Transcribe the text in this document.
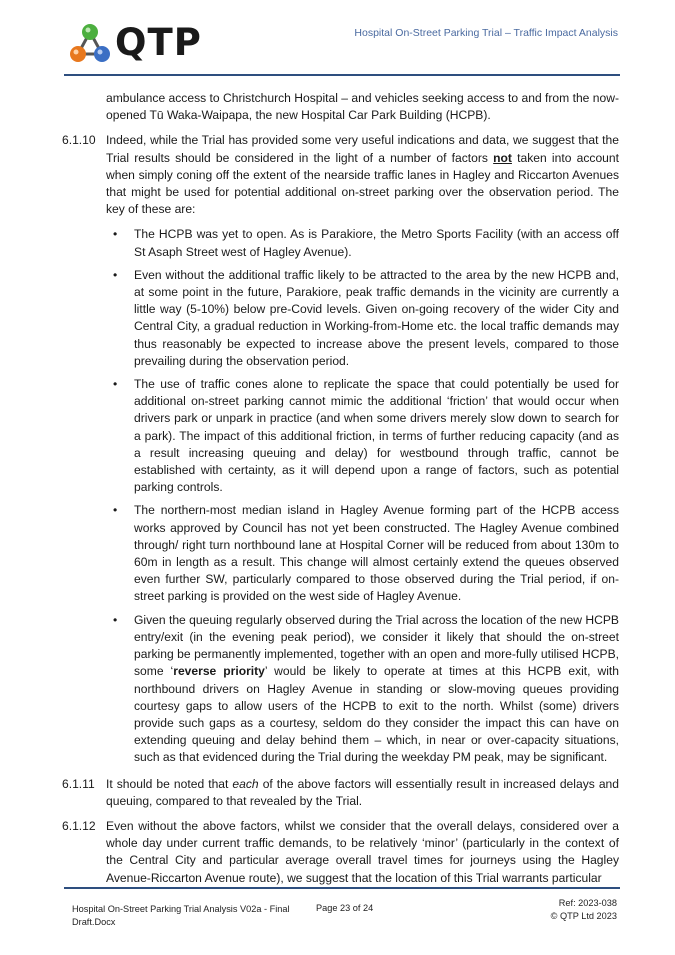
QTP	Hospital On-Street Parking Trial – Traffic Impact Analysis

ambulance access to Christchurch Hospital – and vehicles seeking access to and from the now-opened Tū Waka-Waipapa, the new Hospital Car Park Building (HCPB).

6.1.10 Indeed, while the Trial has provided some very useful indications and data, we suggest that the Trial results should be considered in the light of a number of factors not taken into account when simply coning off the extent of the nearside traffic lanes in Hagley and Riccarton Avenues that might be used for potential additional on-street parking over the observation period. The key of these are:

• The HCPB was yet to open. As is Parakiore, the Metro Sports Facility (with an access off St Asaph Street west of Hagley Avenue).
• Even without the additional traffic likely to be attracted to the area by the new HCPB and, at some point in the future, Parakiore, peak traffic demands in the vicinity are currently a little way (5-10%) below pre-Covid levels. Given on-going recovery of the wider City and Central City, a gradual reduction in Working-from-Home etc. the local traffic demands may thus reasonably be expected to increase above the present levels, compared to those prevailing during the observation period.
• The use of traffic cones alone to replicate the space that could potentially be used for additional on-street parking cannot mimic the additional ‘friction’ that would occur when drivers park or unpark in practice (and when some drivers merely slow down to search for a park). The impact of this additional friction, in terms of further reducing capacity (and as a result increasing queuing and delay) for westbound through traffic, cannot be established with certainty, as it will depend upon a range of factors, such as potential parking controls.
• The northern-most median island in Hagley Avenue forming part of the HCPB access works approved by Council has not yet been constructed. The Hagley Avenue combined through/ right turn northbound lane at Hospital Corner will be reduced from about 130m to 60m in length as a result. This change will almost certainly extend the queues observed even further SW, particularly compared to those observed during the Trial period, if on-street parking is provided on the west side of Hagley Avenue.
• Given the queuing regularly observed during the Trial across the location of the new HCPB entry/exit (in the evening peak period), we consider it likely that should the on-street parking be permanently implemented, together with an open and more-fully utilised HCPB, some ‘reverse priority’ would be likely to operate at times at this HCPB exit, with northbound drivers on Hagley Avenue in standing or slow-moving queues providing courtesy gaps to allow users of the HCPB to exit to the north. Whilst (some) drivers provide such gaps as a courtesy, seldom do they consider the impact this can have on extending queuing and delay behind them – which, in near or over-capacity situations, such as that evidenced during the Trial during the weekday PM peak, may be significant.
6.1.11 It should be noted that each of the above factors will essentially result in increased delays and queuing, compared to that revealed by the Trial.

6.1.12 Even without the above factors, whilst we consider that the overall delays, considered over a whole day under current traffic demands, to be relatively ‘minor’ (particularly in the context of the Central City and particular average overall travel times for journeys using the Hagley Avenue-Riccarton Avenue route), we suggest that the location of this Trial warrants particular

Hospital On-Street Parking Trial Analysis V02a - Final Draft.Docx
Page 23 of 24	Ref: 2023-038
© QTP Ltd 2023
